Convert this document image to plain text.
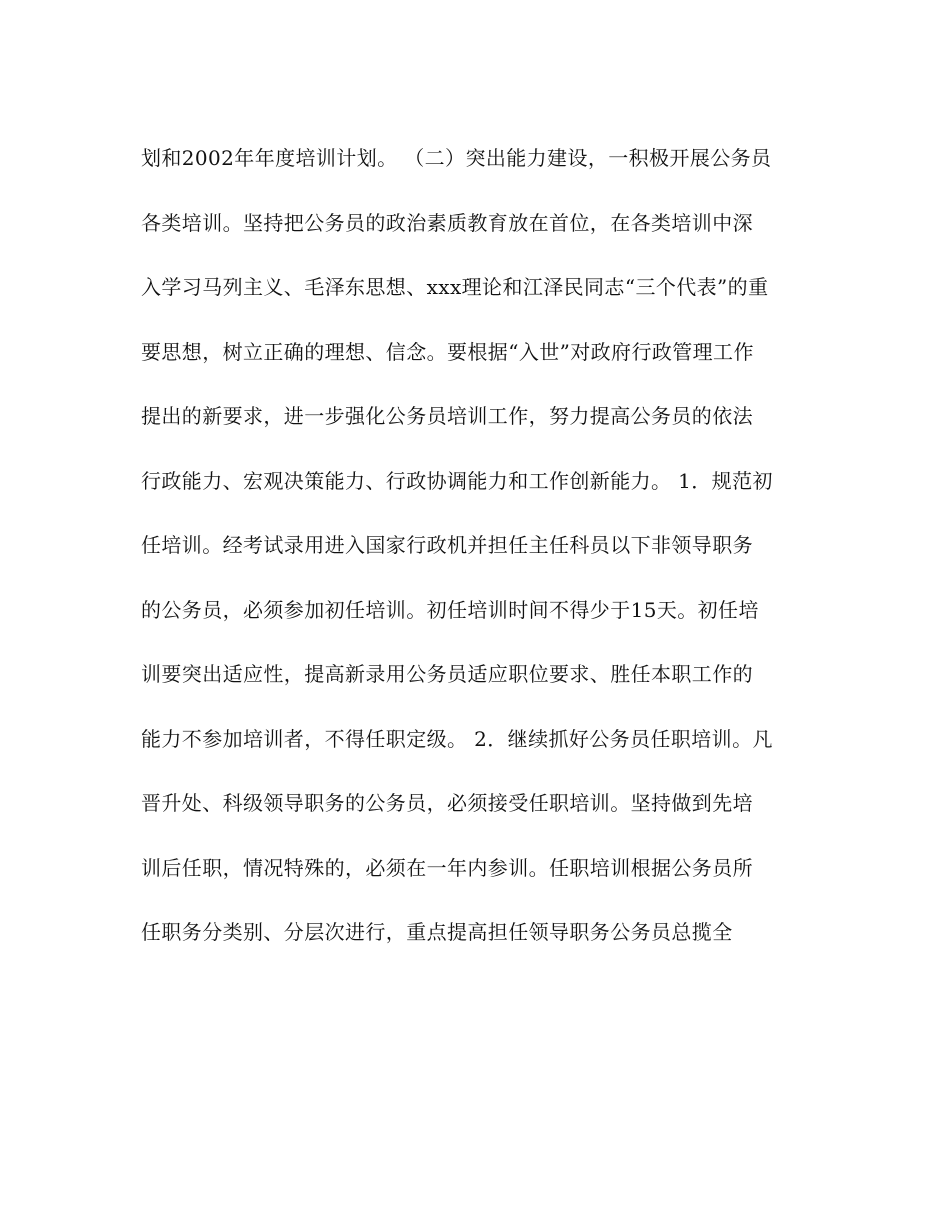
划和2002年年度培训计划。 （二）突出能力建设，一积极开展公务员

各类培训。坚持把公务员的政治素质教育放在首位，在各类培训中深

入学习马列主义、毛泽东思想、xxx理论和江泽民同志“三个代表”的重

要思想，树立正确的理想、信念。要根据“入世”对政府行政管理工作

提出的新要求，进一步强化公务员培训工作，努力提高公务员的依法

行政能力、宏观决策能力、行政协调能力和工作创新能力。 1．规范初

任培训。经考试录用进入国家行政机并担任主任科员以下非领导职务

的公务员，必须参加初任培训。初任培训时间不得少于15天。初任培

训要突出适应性，提高新录用公务员适应职位要求、胜任本职工作的

能力不参加培训者，不得任职定级。 2．继续抓好公务员任职培训。凡

晋升处、科级领导职务的公务员，必须接受任职培训。坚持做到先培

训后任职，情况特殊的，必须在一年内参训。任职培训根据公务员所

任职务分类别、分层次进行，重点提高担任领导职务公务员总揽全
